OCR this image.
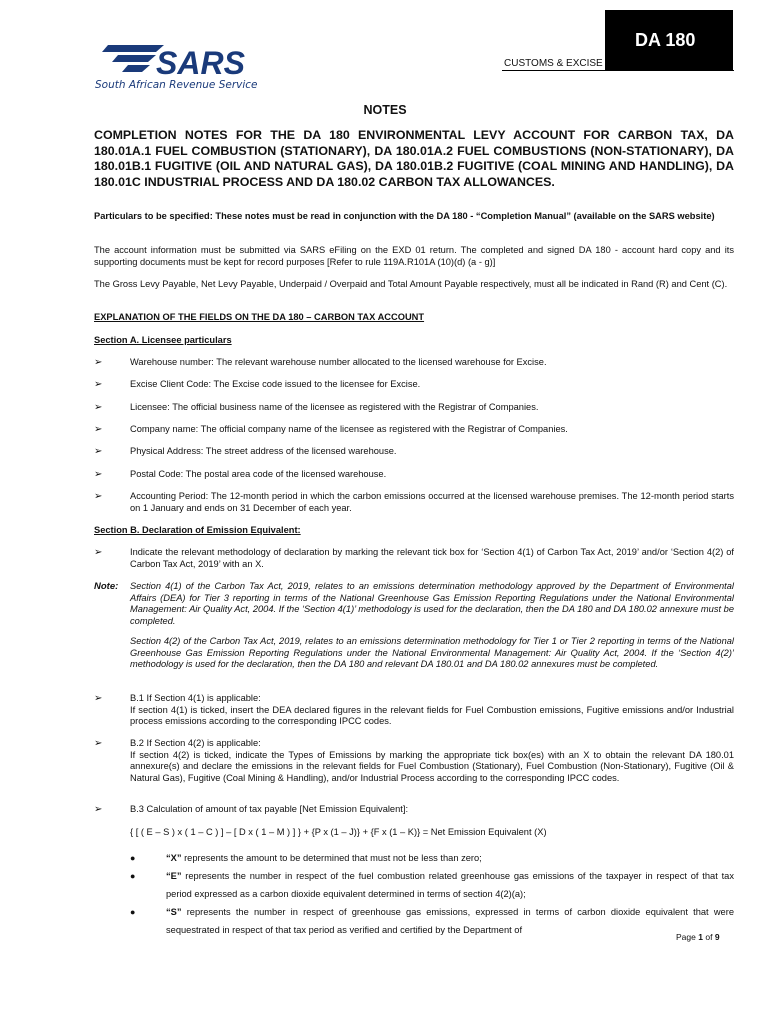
DA 180
CUSTOMS & EXCISE
SARS
South African Revenue Service
NOTES
COMPLETION NOTES FOR THE DA 180 ENVIRONMENTAL LEVY ACCOUNT FOR CARBON TAX, DA 180.01A.1 FUEL COMBUSTION (STATIONARY), DA 180.01A.2 FUEL COMBUSTIONS (NON-STATIONARY), DA 180.01B.1 FUGITIVE (OIL AND NATURAL GAS), DA 180.01B.2 FUGITIVE (COAL MINING AND HANDLING), DA 180.01C INDUSTRIAL PROCESS AND DA 180.02 CARBON TAX ALLOWANCES.
Particulars to be specified: These notes must be read in conjunction with the DA 180 - “Completion Manual” (available on the SARS website)
The account information must be submitted via SARS eFiling on the EXD 01 return. The completed and signed DA 180 - account hard copy and its supporting documents must be kept for record purposes [Refer to rule 119A.R101A (10)(d) (a - g)]
The Gross Levy Payable, Net Levy Payable, Underpaid / Overpaid and Total Amount Payable respectively, must all be indicated in Rand (R) and Cent (C).
EXPLANATION OF THE FIELDS ON THE DA 180 – CARBON TAX ACCOUNT
Section A. Licensee particulars
➢	Warehouse number: The relevant warehouse number allocated to the licensed warehouse for Excise.
➢	Excise Client Code: The Excise code issued to the licensee for Excise.
➢	Licensee: The official business name of the licensee as registered with the Registrar of Companies.
➢	Company name: The official company name of the licensee as registered with the Registrar of Companies.
➢	Physical Address: The street address of the licensed warehouse.
➢	Postal Code: The postal area code of the licensed warehouse.
➢	Accounting Period: The 12-month period in which the carbon emissions occurred at the licensed warehouse premises. The 12-month period starts on 1 January and ends on 31 December of each year.
Section B. Declaration of Emission Equivalent:
➢	Indicate the relevant methodology of declaration by marking the relevant tick box for ‘Section 4(1) of Carbon Tax Act, 2019’ and/or ‘Section 4(2) of Carbon Tax Act, 2019’ with an X.
Note: Section 4(1) of the Carbon Tax Act, 2019, relates to an emissions determination methodology approved by the Department of Environmental Affairs (DEA) for Tier 3 reporting in terms of the National Greenhouse Gas Emission Reporting Regulations under the National Environmental Management: Air Quality Act, 2004. If the ‘Section 4(1)’ methodology is used for the declaration, then the DA 180 and DA 180.02 annexure must be completed.
Section 4(2) of the Carbon Tax Act, 2019, relates to an emissions determination methodology for Tier 1 or Tier 2 reporting in terms of the National Greenhouse Gas Emission Reporting Regulations under the National Environmental Management: Air Quality Act, 2004. If the ‘Section 4(2)’ methodology is used for the declaration, then the DA 180 and relevant DA 180.01 and DA 180.02 annexures must be completed.
➢	B.1 If Section 4(1) is applicable:
If section 4(1) is ticked, insert the DEA declared figures in the relevant fields for Fuel Combustion emissions, Fugitive emissions and/or Industrial process emissions according to the corresponding IPCC codes.
➢	B.2 If Section 4(2) is applicable:
If section 4(2) is ticked, indicate the Types of Emissions by marking the appropriate tick box(es) with an X to obtain the relevant DA 180.01 annexure(s) and declare the emissions in the relevant fields for Fuel Combustion (Stationary), Fuel Combustion (Non-Stationary), Fugitive (Oil & Natural Gas), Fugitive (Coal Mining & Handling), and/or Industrial Process according to the corresponding IPCC codes.
➢	B.3 Calculation of amount of tax payable [Net Emission Equivalent]:
{ [ ( E – S ) x ( 1 – C ) ] – [ D x ( 1 – M ) ] } + {P x (1 – J)} + {F x (1 – K)} = Net Emission Equivalent (X)
●	“X” represents the amount to be determined that must not be less than zero;
●	“E” represents the number in respect of the fuel combustion related greenhouse gas emissions of the taxpayer in respect of that tax period expressed as a carbon dioxide equivalent determined in terms of section 4(2)(a);
●	“S” represents the number in respect of greenhouse gas emissions, expressed in terms of carbon dioxide equivalent that were sequestrated in respect of that tax period as verified and certified by the Department of
Page 1 of 9
